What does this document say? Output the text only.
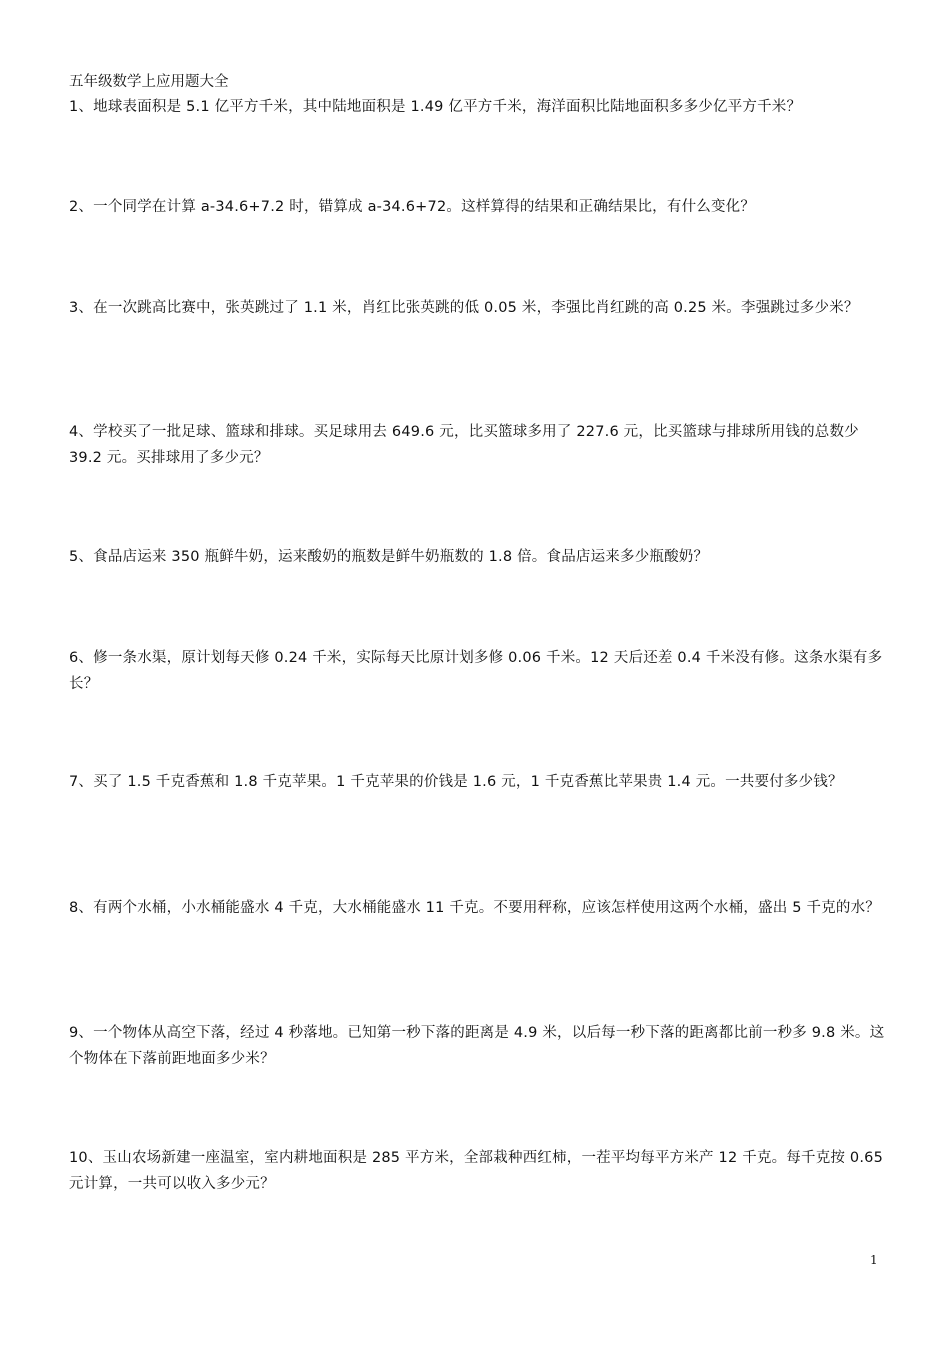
五年级数学上应用题大全

1、地球表面积是 5.1 亿平方千米，其中陆地面积是 1.49 亿平方千米，海洋面积比陆地面积多多少亿平方千米？

2、一个同学在计算 a-34.6+7.2 时，错算成 a-34.6+72。这样算得的结果和正确结果比，有什么变化？

3、在一次跳高比赛中，张英跳过了 1.1 米，肖红比张英跳的低 0.05 米，李强比肖红跳的高 0.25 米。李强跳过多少米？

4、学校买了一批足球、篮球和排球。买足球用去 649.6 元，比买篮球多用了 227.6 元，比买篮球与排球所用钱的总数少 39.2 元。买排球用了多少元？

5、食品店运来 350 瓶鲜牛奶，运来酸奶的瓶数是鲜牛奶瓶数的 1.8 倍。食品店运来多少瓶酸奶？

6、修一条水渠，原计划每天修 0.24 千米，实际每天比原计划多修 0.06 千米。12 天后还差 0.4 千米没有修。这条水渠有多长？

7、买了 1.5 千克香蕉和 1.8 千克苹果。1 千克苹果的价钱是 1.6 元，1 千克香蕉比苹果贵 1.4 元。一共要付多少钱？

8、有两个水桶，小水桶能盛水 4 千克，大水桶能盛水 11 千克。不要用秤称，应该怎样使用这两个水桶，盛出 5 千克的水？

9、一个物体从高空下落，经过 4 秒落地。已知第一秒下落的距离是 4.9 米，以后每一秒下落的距离都比前一秒多 9.8 米。这个物体在下落前距地面多少米？

10、玉山农场新建一座温室，室内耕地面积是 285 平方米，全部栽种西红柿，一茬平均每平方米产 12 千克。每千克按 0.65 元计算，一共可以收入多少元？

1
